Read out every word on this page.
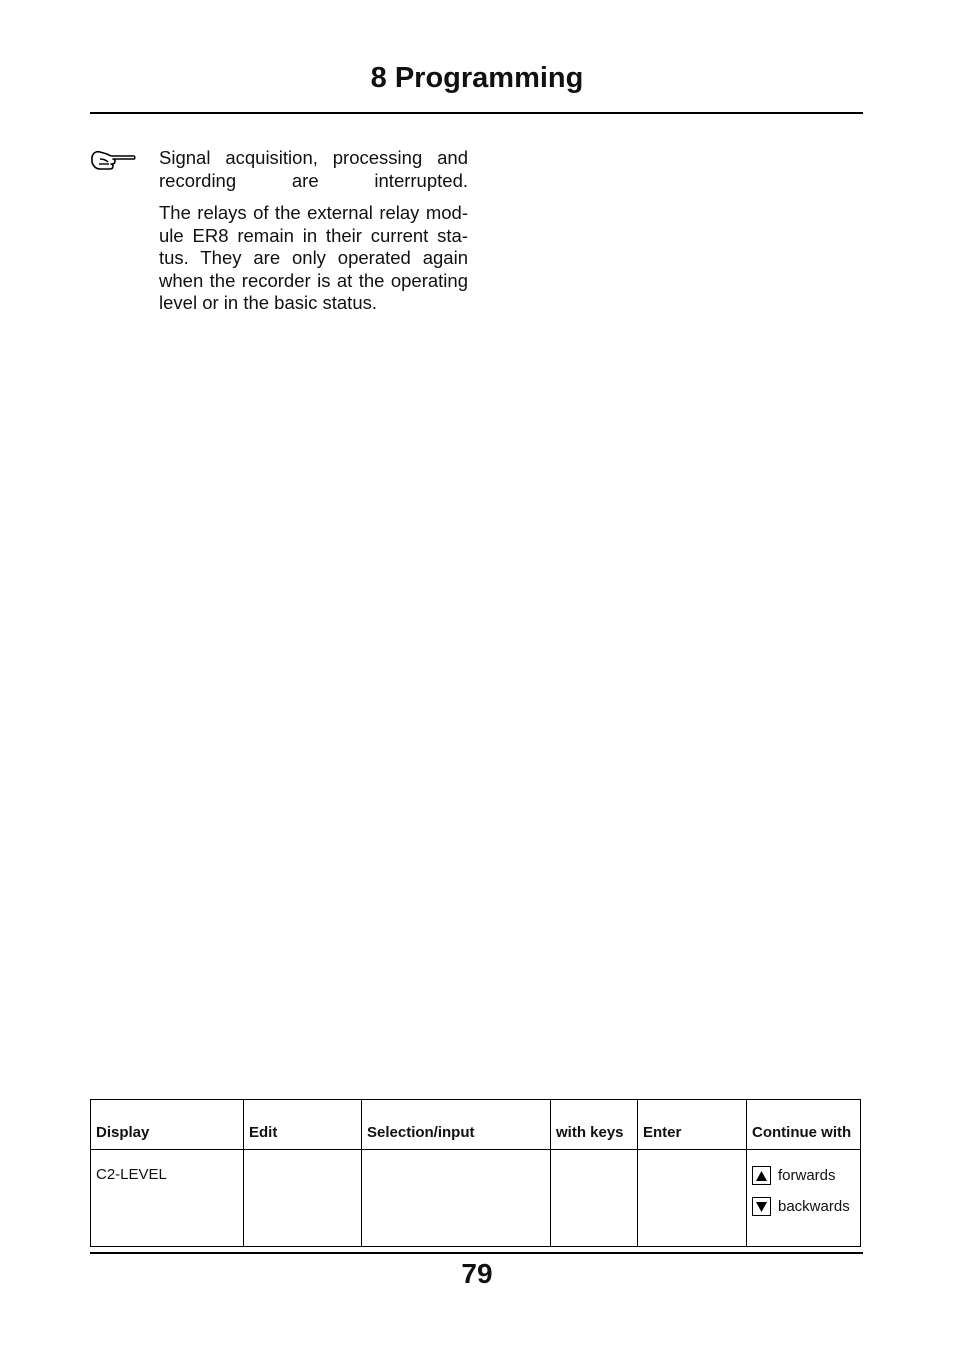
8 Programming

Signal acquisition, processing and recording are interrupted.

The relays of the external relay mod-ule ER8 remain in their current sta-tus. They are only operated again when the recorder is at the operating level or in the basic status.

Display	Edit	Selection/input	with keys	Enter	Continue with
C2-LEVEL					forwards
backwards
79
